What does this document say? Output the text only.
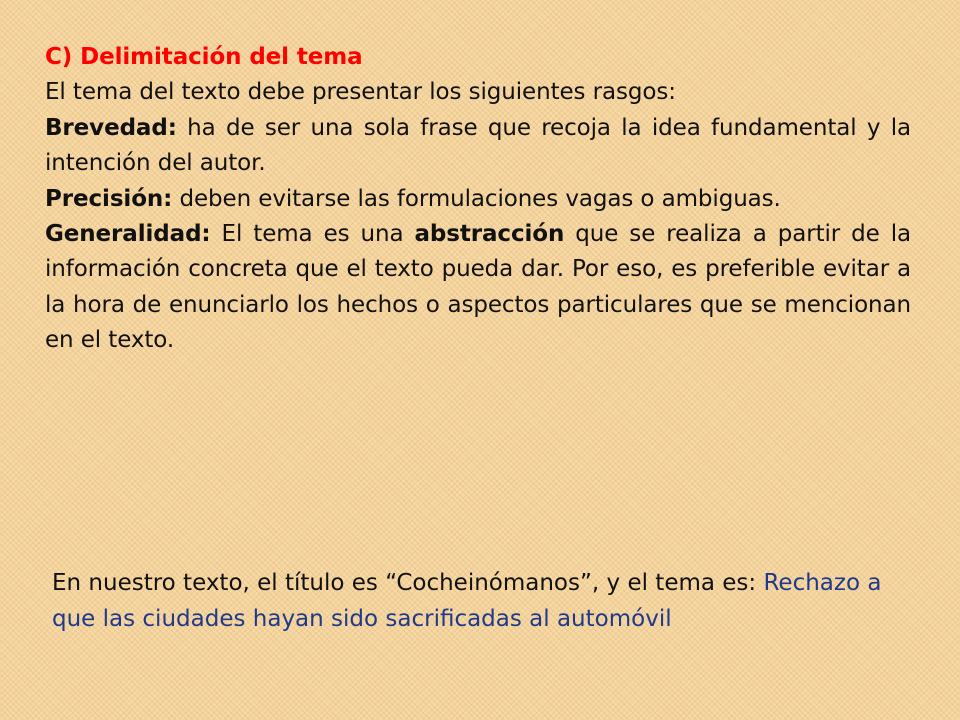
C) Delimitación del tema

El tema del texto debe presentar los siguientes rasgos:

Brevedad: ha de ser una sola frase que recoja la idea fundamental y la intención del autor.

Precisión: deben evitarse las formulaciones vagas o ambiguas.

Generalidad: El tema es una abstracción que se realiza a partir de la información concreta que el texto pueda dar. Por eso, es preferible evitar a la hora de enunciarlo los hechos o aspectos particulares que se mencionan en el texto.

En nuestro texto, el título es “Cocheinómanos”, y el tema es: Rechazo a que las ciudades hayan sido sacrificadas al automóvil
